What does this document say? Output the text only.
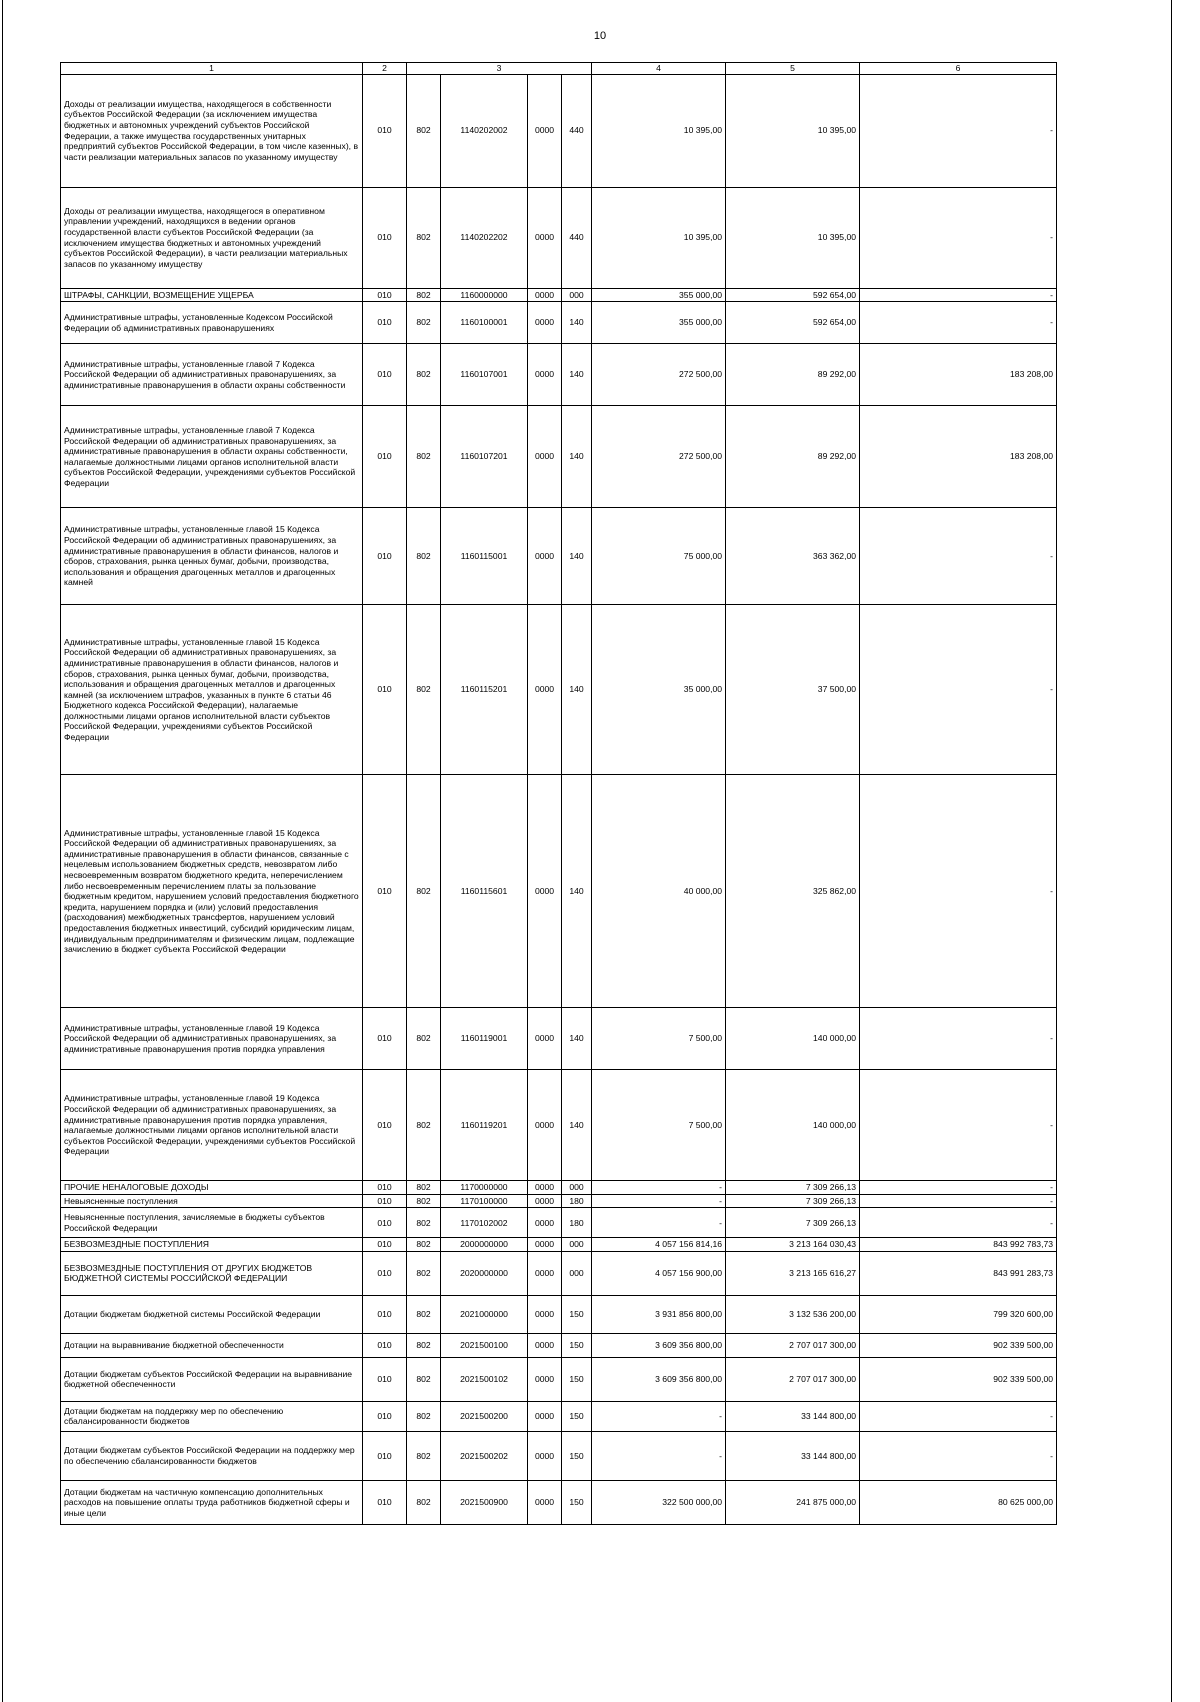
10
1	2	3				4	5	6
Доходы от реализации имущества, находящегося в собственности субъектов Российской Федерации (за исключением имущества бюджетных и автономных учреждений субъектов Российской Федерации, а также имущества государственных унитарных предприятий субъектов Российской Федерации, в том числе казенных), в части реализации материальных запасов по указанному имуществу	010	802	1140202002	0000	440	10 395,00	10 395,00	-
Доходы от реализации имущества, находящегося в оперативном управлении учреждений, находящихся в ведении органов государственной власти субъектов Российской Федерации (за исключением имущества бюджетных и автономных учреждений субъектов Российской Федерации), в части реализации материальных запасов по указанному имуществу	010	802	1140202202	0000	440	10 395,00	10 395,00	-
ШТРАФЫ, САНКЦИИ, ВОЗМЕЩЕНИЕ УЩЕРБА	010	802	1160000000	0000	000	355 000,00	592 654,00	-
Административные штрафы, установленные Кодексом Российской Федерации об административных правонарушениях	010	802	1160100001	0000	140	355 000,00	592 654,00	-
Административные штрафы, установленные главой 7 Кодекса Российской Федерации об административных правонарушениях, за административные правонарушения в области охраны собственности	010	802	1160107001	0000	140	272 500,00	89 292,00	183 208,00
Административные штрафы, установленные главой 7 Кодекса Российской Федерации об административных правонарушениях, за административные правонарушения в области охраны собственности, налагаемые должностными лицами органов исполнительной власти субъектов Российской Федерации, учреждениями субъектов Российской Федерации	010	802	1160107201	0000	140	272 500,00	89 292,00	183 208,00
Административные штрафы, установленные главой 15 Кодекса Российской Федерации об административных правонарушениях, за административные правонарушения в области финансов, налогов и сборов, страхования, рынка ценных бумаг, добычи, производства, использования и обращения драгоценных металлов и драгоценных камней	010	802	1160115001	0000	140	75 000,00	363 362,00	-
Административные штрафы, установленные главой 15 Кодекса Российской Федерации об административных правонарушениях, за административные правонарушения в области финансов, налогов и сборов, страхования, рынка ценных бумаг, добычи, производства, использования и обращения драгоценных металлов и драгоценных камней (за исключением штрафов, указанных в пункте 6 статьи 46 Бюджетного кодекса Российской Федерации), налагаемые должностными лицами органов исполнительной власти субъектов Российской Федерации, учреждениями субъектов Российской Федерации	010	802	1160115201	0000	140	35 000,00	37 500,00	-
Административные штрафы, установленные главой 15 Кодекса Российской Федерации об административных правонарушениях, за административные правонарушения в области финансов, связанные с нецелевым использованием бюджетных средств, невозвратом либо несвоевременным возвратом бюджетного кредита, неперечислением либо несвоевременным перечислением платы за пользование бюджетным кредитом, нарушением условий предоставления бюджетного кредита, нарушением порядка и (или) условий предоставления (расходования) межбюджетных трансфертов, нарушением условий предоставления бюджетных инвестиций, субсидий юридическим лицам, индивидуальным предпринимателям и физическим лицам, подлежащие зачислению в бюджет субъекта Российской Федерации	010	802	1160115601	0000	140	40 000,00	325 862,00	-
Административные штрафы, установленные главой 19 Кодекса Российской Федерации об административных правонарушениях, за административные правонарушения против порядка управления	010	802	1160119001	0000	140	7 500,00	140 000,00	-
Административные штрафы, установленные главой 19 Кодекса Российской Федерации об административных правонарушениях, за административные правонарушения против порядка управления, налагаемые должностными лицами органов исполнительной власти субъектов Российской Федерации, учреждениями субъектов Российской Федерации	010	802	1160119201	0000	140	7 500,00	140 000,00	-
ПРОЧИЕ НЕНАЛОГОВЫЕ ДОХОДЫ	010	802	1170000000	0000	000	-	7 309 266,13	-
Невыясненные поступления	010	802	1170100000	0000	180	-	7 309 266,13	-
Невыясненные поступления, зачисляемые в бюджеты субъектов Российской Федерации	010	802	1170102002	0000	180	-	7 309 266,13	-
БЕЗВОЗМЕЗДНЫЕ ПОСТУПЛЕНИЯ	010	802	2000000000	0000	000	4 057 156 814,16	3 213 164 030,43	843 992 783,73
БЕЗВОЗМЕЗДНЫЕ ПОСТУПЛЕНИЯ ОТ ДРУГИХ БЮДЖЕТОВ БЮДЖЕТНОЙ СИСТЕМЫ РОССИЙСКОЙ ФЕДЕРАЦИИ	010	802	2020000000	0000	000	4 057 156 900,00	3 213 165 616,27	843 991 283,73
Дотации бюджетам бюджетной системы Российской Федерации	010	802	2021000000	0000	150	3 931 856 800,00	3 132 536 200,00	799 320 600,00
Дотации на выравнивание бюджетной обеспеченности	010	802	2021500100	0000	150	3 609 356 800,00	2 707 017 300,00	902 339 500,00
Дотации бюджетам субъектов Российской Федерации на выравнивание бюджетной обеспеченности	010	802	2021500102	0000	150	3 609 356 800,00	2 707 017 300,00	902 339 500,00
Дотации бюджетам на поддержку мер по обеспечению сбалансированности бюджетов	010	802	2021500200	0000	150	-	33 144 800,00	-
Дотации бюджетам субъектов Российской Федерации на поддержку мер по обеспечению сбалансированности бюджетов	010	802	2021500202	0000	150	-	33 144 800,00	-
Дотации бюджетам на частичную компенсацию дополнительных расходов на повышение оплаты труда работников бюджетной сферы и иные цели	010	802	2021500900	0000	150	322 500 000,00	241 875 000,00	80 625 000,00
